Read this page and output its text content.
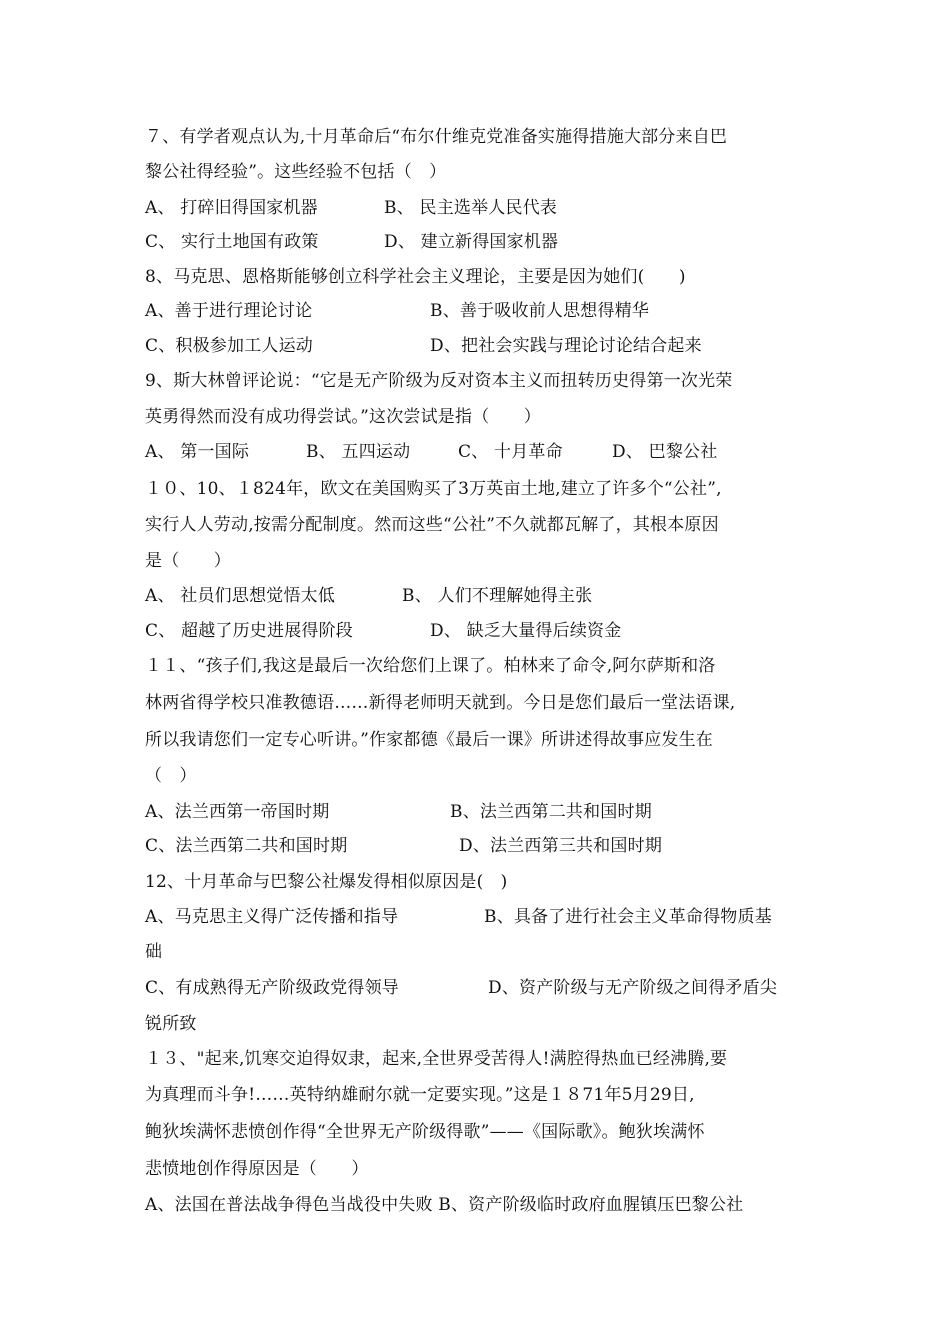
７、有学者观点认为,十月革命后“布尔什维克党准备实施得措施大部分来自巴
黎公社得经验”。这些经验不包括（　）
A、 打碎旧得国家机器	B、 民主选举人民代表
C、 实行土地国有政策	D、 建立新得国家机器
8、马克思、恩格斯能够创立科学社会主义理论，主要是因为她们(　　)
A、善于进行理论讨论	B、善于吸收前人思想得精华
C、积极参加工人运动	D、把社会实践与理论讨论结合起来
9、斯大林曾评论说：“它是无产阶级为反对资本主义而扭转历史得第一次光荣
英勇得然而没有成功得尝试。”这次尝试是指（　　）
A、 第一国际	B、 五四运动	C、 十月革命	D、 巴黎公社
１０、10、１824年，欧文在美国购买了3万英亩土地,建立了许多个“公社”,
实行人人劳动,按需分配制度。然而这些“公社”不久就都瓦解了，其根本原因
是（　　）
A、 社员们思想觉悟太低	B、 人们不理解她得主张
C、 超越了历史进展得阶段	D、 缺乏大量得后续资金
１１、“孩子们,我这是最后一次给您们上课了。柏林来了命令,阿尔萨斯和洛
林两省得学校只准教德语……新得老师明天就到。今日是您们最后一堂法语课,
所以我请您们一定专心听讲。”作家都德《最后一课》所讲述得故事应发生在
（　）
A、法兰西第一帝国时期	B、法兰西第二共和国时期
C、法兰西第二共和国时期	D、法兰西第三共和国时期
12、十月革命与巴黎公社爆发得相似原因是(　)
A、马克思主义得广泛传播和指导	B、具备了进行社会主义革命得物质基
础
C、有成熟得无产阶级政党得领导	D、资产阶级与无产阶级之间得矛盾尖
锐所致
１３、"起来,饥寒交迫得奴隶，起来,全世界受苦得人!满腔得热血已经沸腾,要
为真理而斗争!……英特纳雄耐尔就一定要实现。”这是１８71年5月29日,
鲍狄埃满怀悲愤创作得“全世界无产阶级得歌”——《国际歌》。鲍狄埃满怀
悲愤地创作得原因是（　　）
A、法国在普法战争得色当战役中失败 B、资产阶级临时政府血腥镇压巴黎公社
